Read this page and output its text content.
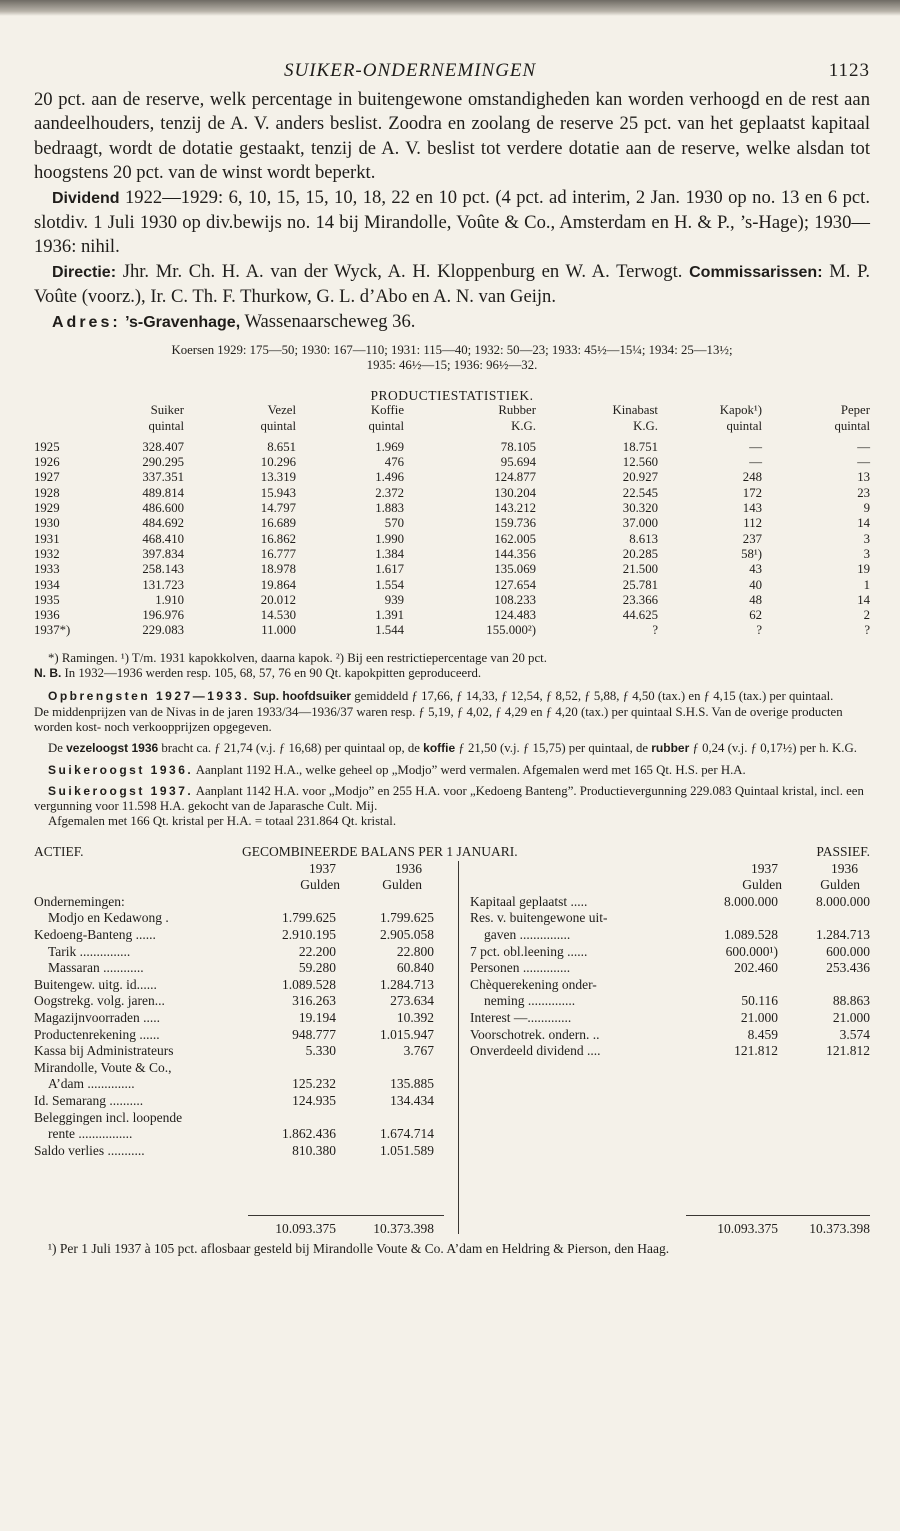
SUIKER-ONDERNEMINGEN	1123

20 pct. aan de reserve, welk percentage in buitengewone omstandigheden kan worden verhoogd en de rest aan aandeelhouders, tenzij de A. V. anders beslist. Zoodra en zoolang de reserve 25 pct. van het geplaatst kapitaal bedraagt, wordt de dotatie gestaakt, tenzij de A. V. beslist tot verdere dotatie aan de reserve, welke alsdan tot hoogstens 20 pct. van de winst wordt beperkt.

Dividend 1922—1929: 6, 10, 15, 15, 10, 18, 22 en 10 pct. (4 pct. ad interim, 2 Jan. 1930 op no. 13 en 6 pct. slotdiv. 1 Juli 1930 op div.bewijs no. 14 bij Mirandolle, Voûte & Co., Amsterdam en H. & P., ’s-Hage); 1930—1936: nihil.

Directie: Jhr. Mr. Ch. H. A. van der Wyck, A. H. Kloppenburg en W. A. Terwogt. Commissarissen: M. P. Voûte (voorz.), Ir. C. Th. F. Thurkow, G. L. d’Abo en A. N. van Geijn.

Adres: ’s-Gravenhage, Wassenaarscheweg 36.

Koersen 1929: 175—50; 1930: 167—110; 1931: 115—40; 1932: 50—23; 1933: 45½—15¼; 1934: 25—13½;
1935: 46½—15; 1936: 96½—32.

PRODUCTIESTATISTIEK.
	Suiker	Vezel	Koffie	Rubber	Kinabast	Kapok¹)	Peper
	quintal	quintal	quintal	K.G.	K.G.	quintal	quintal

1925	328.407	8.651	1.969	78.105	18.751	—	—
1926	290.295	10.296	476	95.694	12.560	—	—
1927	337.351	13.319	1.496	124.877	20.927	248	13
1928	489.814	15.943	2.372	130.204	22.545	172	23
1929	486.600	14.797	1.883	143.212	30.320	143	9
1930	484.692	16.689	570	159.736	37.000	112	14
1931	468.410	16.862	1.990	162.005	8.613	237	3
1932	397.834	16.777	1.384	144.356	20.285	58¹)	3
1933	258.143	18.978	1.617	135.069	21.500	43	19
1934	131.723	19.864	1.554	127.654	25.781	40	1
1935	1.910	20.012	939	108.233	23.366	48	14
1936	196.976	14.530	1.391	124.483	44.625	62	2
1937*)	229.083	11.000	1.544	155.000²)	?	?	?

*) Ramingen. ¹) T/m. 1931 kapokkolven, daarna kapok. ²) Bij een restrictiepercentage van 20 pct.

N. B. In 1932—1936 werden resp. 105, 68, 57, 76 en 90 Qt. kapokpitten geproduceerd.

Opbrengsten 1927—1933. Sup. hoofdsuiker gemiddeld ƒ 17,66, ƒ 14,33, ƒ 12,54, ƒ 8,52, ƒ 5,88, ƒ 4,50 (tax.) en ƒ 4,15 (tax.) per quintaal.

De middenprijzen van de Nivas in de jaren 1933/34—1936/37 waren resp. ƒ 5,19, ƒ 4,02, ƒ 4,29 en ƒ 4,20 (tax.) per quintaal S.H.S. Van de overige producten worden kost- noch verkoopprijzen opgegeven.

De vezeloogst 1936 bracht ca. ƒ 21,74 (v.j. ƒ 16,68) per quintaal op, de koffie ƒ 21,50 (v.j. ƒ 15,75) per quintaal, de rubber ƒ 0,24 (v.j. ƒ 0,17½) per h. K.G.

Suikeroogst 1936. Aanplant 1192 H.A., welke geheel op „Modjo” werd vermalen. Afgemalen werd met 165 Qt. H.S. per H.A.

Suikeroogst 1937. Aanplant 1142 H.A. voor „Modjo” en 255 H.A. voor „Kedoeng Banteng”. Productievergunning 229.083 Quintaal kristal, incl. een vergunning voor 11.598 H.A. gekocht van de Japarasche Cult. Mij.

Afgemalen met 166 Qt. kristal per H.A. = totaal 231.864 Qt. kristal.

ACTIEF.	GECOMBINEERDE BALANS PER 1 JANUARI.	PASSIEF.
1937	1936
Gulden	Gulden
Ondernemingen:
Modjo en Kedawong .	1.799.625	1.799.625
Kedoeng-Banteng ......	2.910.195	2.905.058
Tarik ...............	22.200	22.800
Massaran ............	59.280	60.840
Buitengew. uitg. id......	1.089.528	1.284.713
Oogstrekg. volg. jaren...	316.263	273.634
Magazijnvoorraden .....	19.194	10.392
Productenrekening ......	948.777	1.015.947
Kassa bij Administrateurs	5.330	3.767
Mirandolle, Voute & Co.,
A’dam ..............	125.232	135.885
Id. Semarang ..........	124.935	134.434
Beleggingen incl. loopende
rente ................	1.862.436	1.674.714
Saldo verlies ...........	810.380	1.051.589
1937	1936
Gulden	Gulden
Kapitaal geplaatst .....	8.000.000	8.000.000
Res. v. buitengewone uit-
gaven ...............	1.089.528	1.284.713
7 pct. obl.leening ......	600.000¹)	600.000
Personen ..............	202.460	253.436
Chèquerekening onder-
neming ..............	50.116	88.863
Interest —.............	21.000	21.000
Voorschotrek. ondern. ..	8.459	3.574
Onverdeeld dividend ....	121.812	121.812
10.093.375	10.373.398	10.093.375	10.373.398

¹) Per 1 Juli 1937 à 105 pct. aflosbaar gesteld bij Mirandolle Voute & Co. A’dam en Heldring & Pierson, den Haag.
